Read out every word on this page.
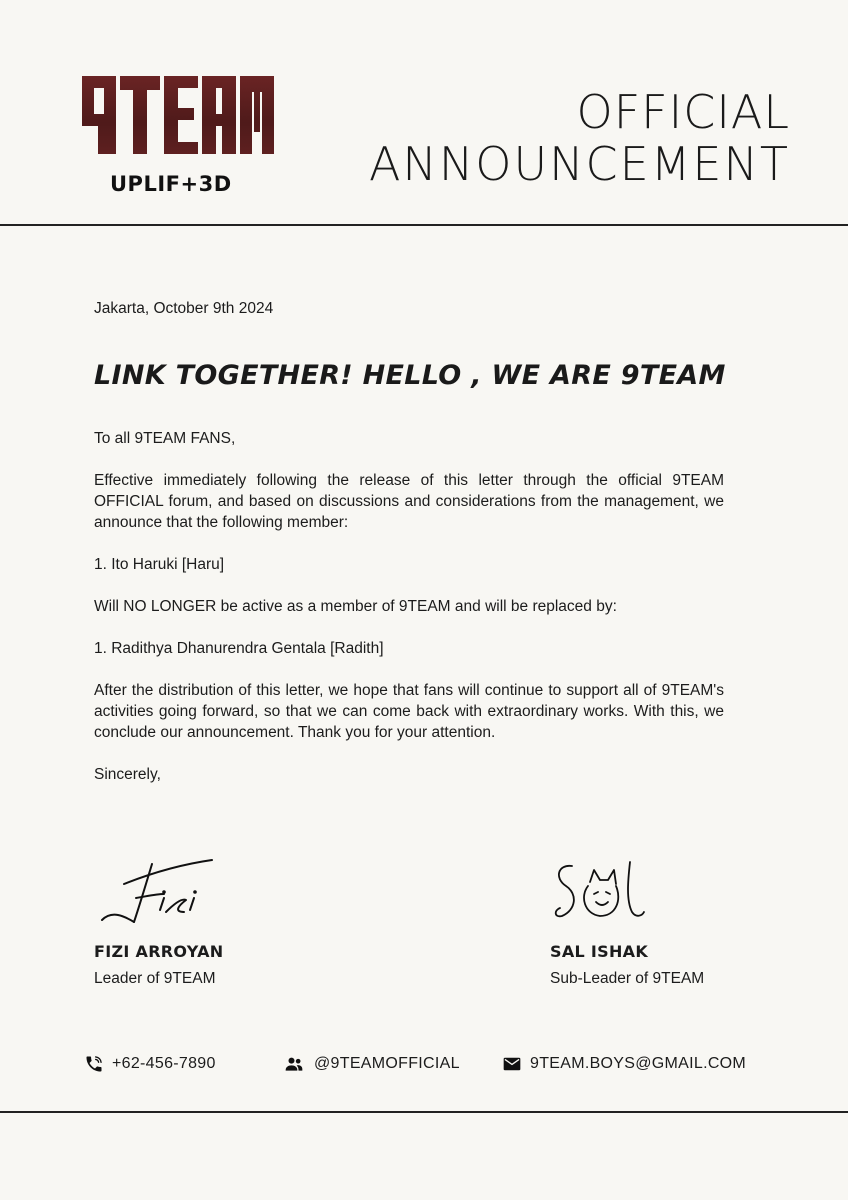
UPLIF+3D
OFFICIAL
ANNOUNCEMENT
Jakarta, October 9th 2024
LINK TOGETHER! HELLO , WE ARE 9TEAM

To all 9TEAM FANS,

Effective immediately following the release of this letter through the official 9TEAM OFFICIAL forum, and based on discussions and considerations from the management, we announce that the following member:

1. Ito Haruki [Haru]

Will NO LONGER be active as a member of 9TEAM and will be replaced by:

1. Radithya Dhanurendra Gentala [Radith]

After the distribution of this letter, we hope that fans will continue to support all of 9TEAM's activities going forward, so that we can come back with extraordinary works. With this, we conclude our announcement. Thank you for your attention.

Sincerely,

FIZI ARROYAN
Leader of 9TEAM
SAL ISHAK
Sub-Leader of 9TEAM
+62-456-7890	@9TEAMOFFICIAL	9TEAM.BOYS@GMAIL.COM
